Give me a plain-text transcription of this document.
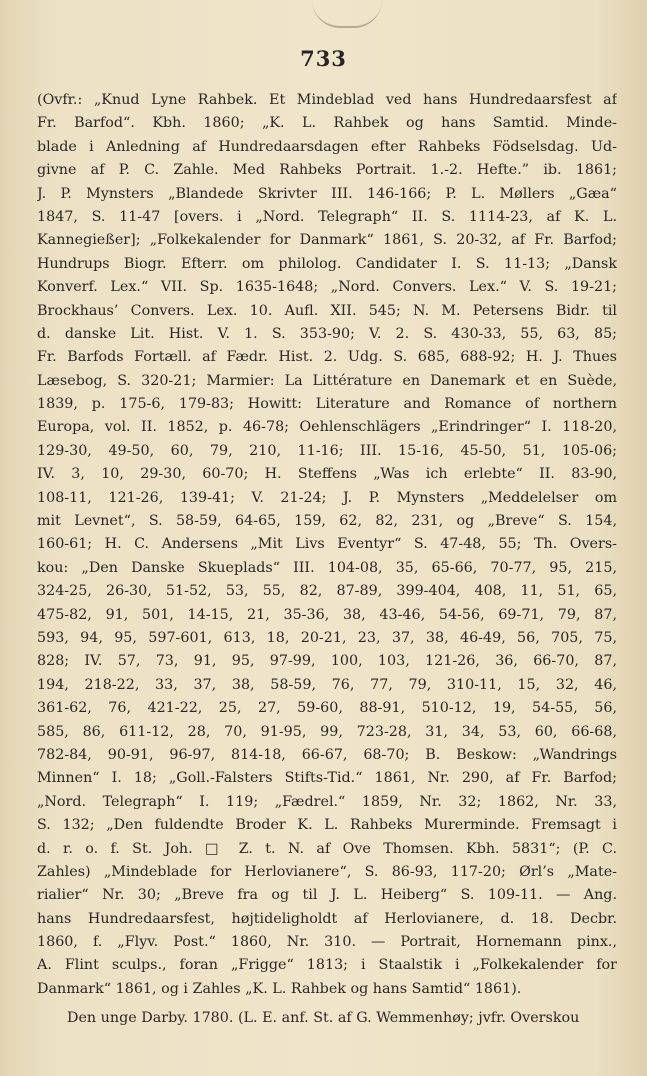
733
(Ovfr.: „Knud Lyne Rahbek. Et Mindeblad ved hans Hundredaarsfest af
Fr. Barfod“. Kbh. 1860; „K. L. Rahbek og hans Samtid. Minde-
blade i Anledning af Hundredaarsdagen efter Rahbeks Födselsdag. Ud-
givne af P. C. Zahle. Med Rahbeks Portrait. 1.-2. Hefte.” ib. 1861;
J. P. Mynsters „Blandede Skrivter III. 146-166; P. L. Møllers „Gæa“
1847, S. 11-47 [overs. i „Nord. Telegraph“ II. S. 1114-23, af K. L.
Kannegießer]; „Folkekalender for Danmark“ 1861, S. 20-32, af Fr. Barfod;
Hundrups Biogr. Efterr. om philolog. Candidater I. S. 11-13; „Dansk
Konverf. Lex.“ VII. Sp. 1635-1648; „Nord. Convers. Lex.“ V. S. 19-21;
Brockhaus’ Convers. Lex. 10. Aufl. XII. 545; N. M. Petersens Bidr. til
d. danske Lit. Hist. V. 1. S. 353-90; V. 2. S. 430-33, 55, 63, 85;
Fr. Barfods Fortæll. af Fædr. Hist. 2. Udg. S. 685, 688-92; H. J. Thues
Læsebog, S. 320-21; Marmier: La Littérature en Danemark et en Suède,
1839, p. 175-6, 179-83; Howitt: Literature and Romance of northern
Europa, vol. II. 1852, p. 46-78; Oehlenschlägers „Erindringer“ I. 118-20,
129-30, 49-50, 60, 79, 210, 11-16; III. 15-16, 45-50, 51, 105-06;
IV. 3, 10, 29-30, 60-70; H. Steffens „Was ich erlebte“ II. 83-90,
108-11, 121-26, 139-41; V. 21-24; J. P. Mynsters „Meddelelser om
mit Levnet“, S. 58-59, 64-65, 159, 62, 82, 231, og „Breve“ S. 154,
160-61; H. C. Andersens „Mit Livs Eventyr“ S. 47-48, 55; Th. Overs-
kou: „Den Danske Skueplads“ III. 104-08, 35, 65-66, 70-77, 95, 215,
324-25, 26-30, 51-52, 53, 55, 82, 87-89, 399-404, 408, 11, 51, 65,
475-82, 91, 501, 14-15, 21, 35-36, 38, 43-46, 54-56, 69-71, 79, 87,
593, 94, 95, 597-601, 613, 18, 20-21, 23, 37, 38, 46-49, 56, 705, 75,
828; IV. 57, 73, 91, 95, 97-99, 100, 103, 121-26, 36, 66-70, 87,
194, 218-22, 33, 37, 38, 58-59, 76, 77, 79, 310-11, 15, 32, 46,
361-62, 76, 421-22, 25, 27, 59-60, 88-91, 510-12, 19, 54-55, 56,
585, 86, 611-12, 28, 70, 91-95, 99, 723-28, 31, 34, 53, 60, 66-68,
782-84, 90-91, 96-97, 814-18, 66-67, 68-70; B. Beskow: „Wandrings
Minnen“ I. 18; „Goll.-Falsters Stifts-Tid.“ 1861, Nr. 290, af Fr. Barfod;
„Nord. Telegraph“ I. 119; „Fædrel.“ 1859, Nr. 32; 1862, Nr. 33,
S. 132; „Den fuldendte Broder K. L. Rahbeks Murerminde. Fremsagt i
d. r. o. f. St. Joh. □ Z. t. N. af Ove Thomsen. Kbh. 5831“; (P. C.
Zahles) „Mindeblade for Herlovianere“, S. 86-93, 117-20; Ørl’s „Mate-
rialier“ Nr. 30; „Breve fra og til J. L. Heiberg“ S. 109-11. — Ang.
hans Hundredaarsfest, højtideligholdt af Herlovianere, d. 18. Decbr.
1860, f. „Flyv. Post.“ 1860, Nr. 310. — Portrait, Hornemann pinx.,
A. Flint sculps., foran „Frigge“ 1813; i Staalstik i „Folkekalender for
Danmark“ 1861, og i Zahles „K. L. Rahbek og hans Samtid“ 1861).
Den unge Darby. 1780. (L. E. anf. St. af G. Wemmenhøy; jvfr. Overskou
